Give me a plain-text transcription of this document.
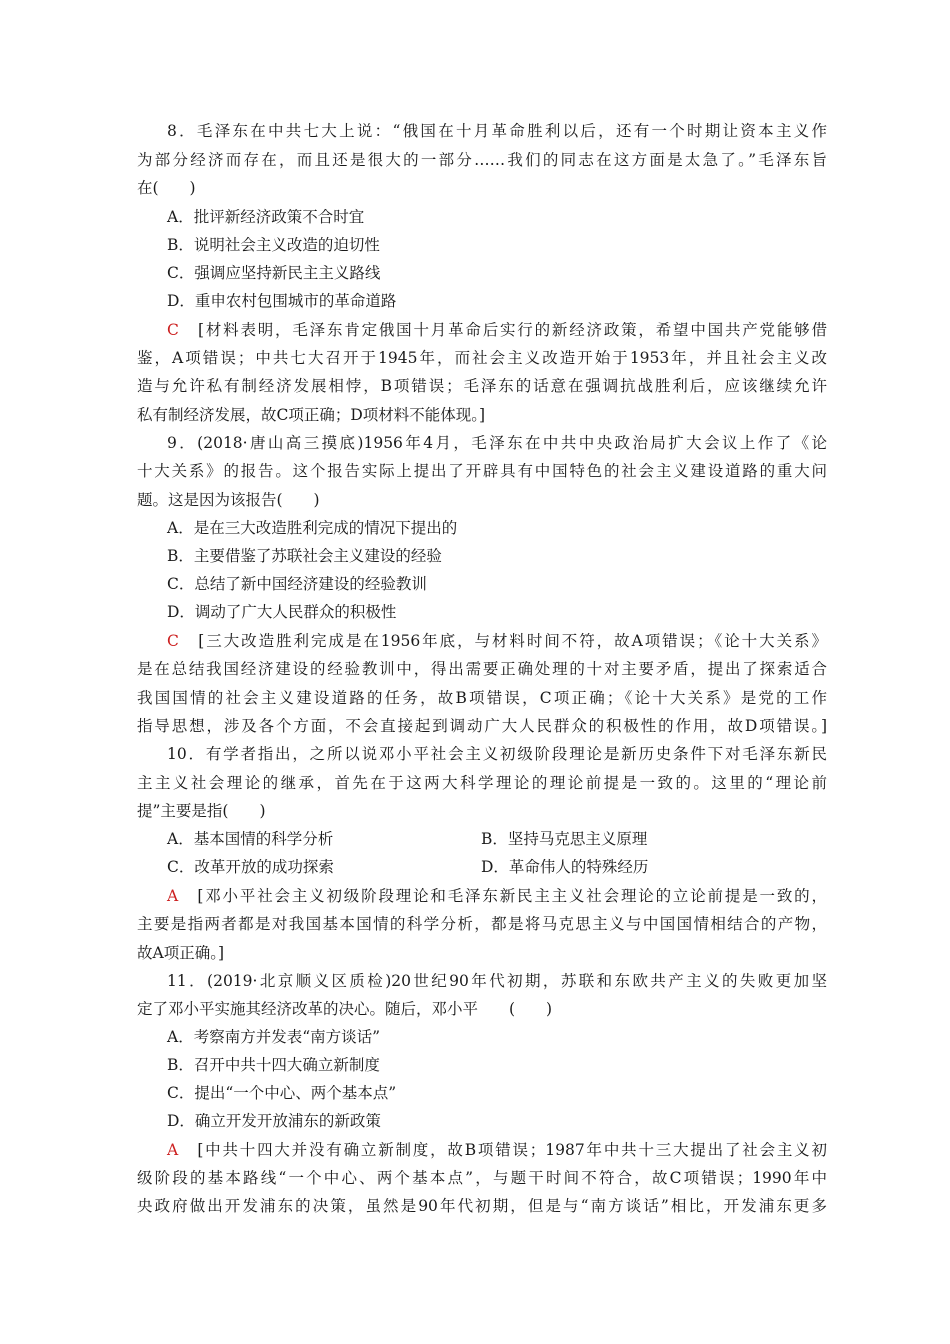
8．毛泽东在中共七大上说：“俄国在十月革命胜利以后，还有一个时期让资本主义作
为部分经济而存在，而且还是很大的一部分……我们的同志在这方面是太急了。”毛泽东旨
在(　　)
A．批评新经济政策不合时宜
B．说明社会主义改造的迫切性
C．强调应坚持新民主主义路线
D．重申农村包围城市的革命道路
C　 [材料表明，毛泽东肯定俄国十月革命后实行的新经济政策，希望中国共产党能够借
鉴，A项错误；中共七大召开于1945年，而社会主义改造开始于1953年，并且社会主义改
造与允许私有制经济发展相悖，B项错误；毛泽东的话意在强调抗战胜利后，应该继续允许
私有制经济发展，故C项正确；D项材料不能体现。]
9．(2018·唐山高三摸底)1956年4月，毛泽东在中共中央政治局扩大会议上作了《论
十大关系》的报告。这个报告实际上提出了开辟具有中国特色的社会主义建设道路的重大问
题。这是因为该报告(　　)
A．是在三大改造胜利完成的情况下提出的
B．主要借鉴了苏联社会主义建设的经验
C．总结了新中国经济建设的经验教训
D．调动了广大人民群众的积极性
C　 [三大改造胜利完成是在1956年底，与材料时间不符，故A项错误；《论十大关系》
是在总结我国经济建设的经验教训中，得出需要正确处理的十对主要矛盾，提出了探索适合
我国国情的社会主义建设道路的任务，故B项错误，C项正确；《论十大关系》是党的工作
指导思想，涉及各个方面，不会直接起到调动广大人民群众的积极性的作用，故D项错误。]
10．有学者指出，之所以说邓小平社会主义初级阶段理论是新历史条件下对毛泽东新民
主主义社会理论的继承，首先在于这两大科学理论的理论前提是一致的。这里的“理论前
提”主要是指(　　)
A．基本国情的科学分析	B．坚持马克思主义原理
C．改革开放的成功探索	D．革命伟人的特殊经历
A　 [邓小平社会主义初级阶段理论和毛泽东新民主主义社会理论的立论前提是一致的，
主要是指两者都是对我国基本国情的科学分析，都是将马克思主义与中国国情相结合的产物，
故A项正确。]
11．(2019·北京顺义区质检)20世纪90年代初期，苏联和东欧共产主义的失败更加坚
定了邓小平实施其经济改革的决心。随后，邓小平　　(　　)
A．考察南方并发表“南方谈话”
B．召开中共十四大确立新制度
C．提出“一个中心、两个基本点”
D．确立开发开放浦东的新政策
A　 [中共十四大并没有确立新制度，故B项错误；1987年中共十三大提出了社会主义初
级阶段的基本路线“一个中心、两个基本点”，与题干时间不符合，故C项错误；1990年中
央政府做出开发浦东的决策，虽然是90年代初期，但是与“南方谈话”相比，开发浦东更多
